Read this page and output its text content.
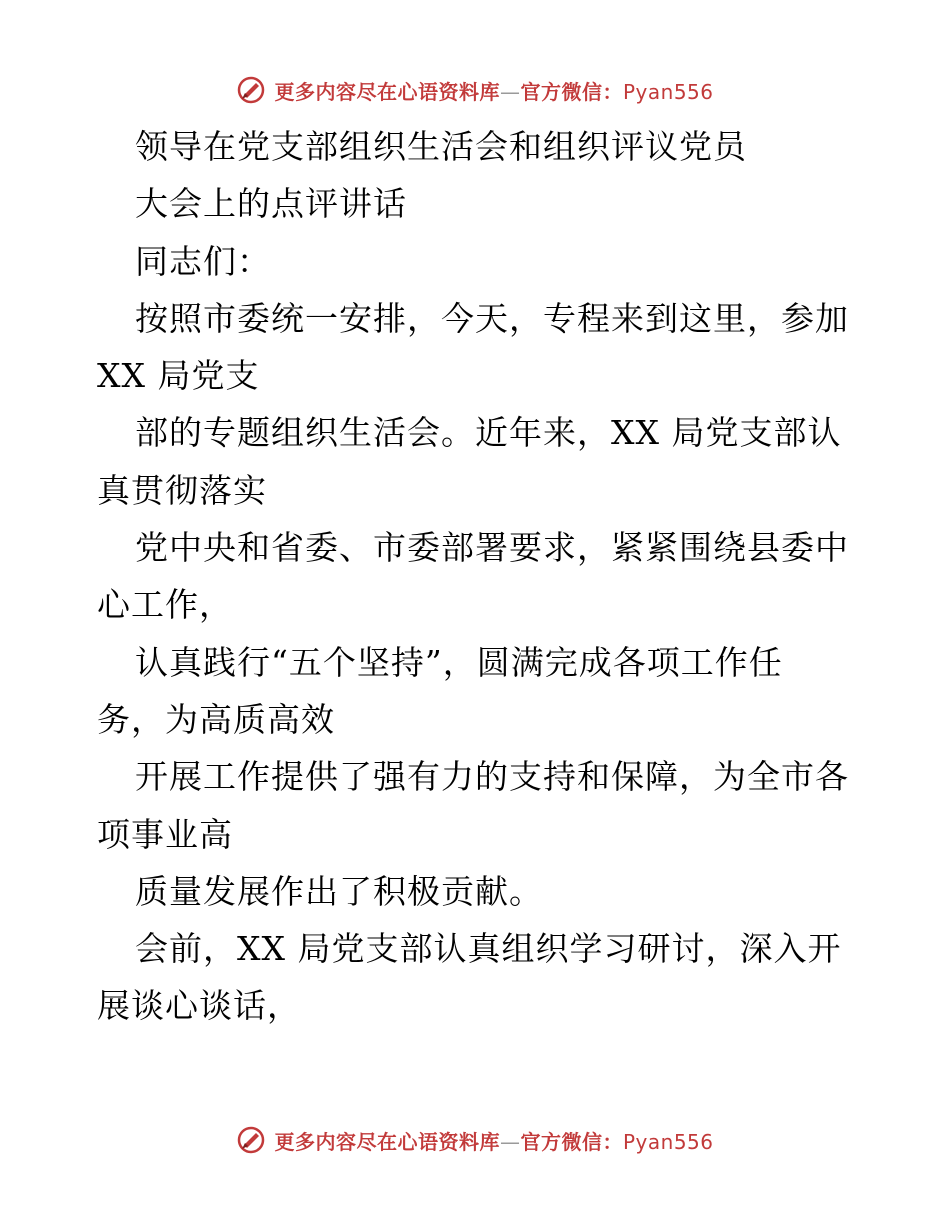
更多内容尽在心语资料库—官方微信：Pyan556
领导在党支部组织生活会和组织评议党员
大会上的点评讲话
同志们：
按照市委统一安排，今天，专程来到这里，参加
XX 局党支
部的专题组织生活会。近年来，XX 局党支部认
真贯彻落实
党中央和省委、市委部署要求，紧紧围绕县委中
心工作，
认真践行“五个坚持”，圆满完成各项工作任
务，为高质高效
开展工作提供了强有力的支持和保障，为全市各
项事业高
质量发展作出了积极贡献。
会前，XX 局党支部认真组织学习研讨，深入开
展谈心谈话，
更多内容尽在心语资料库—官方微信：Pyan556
